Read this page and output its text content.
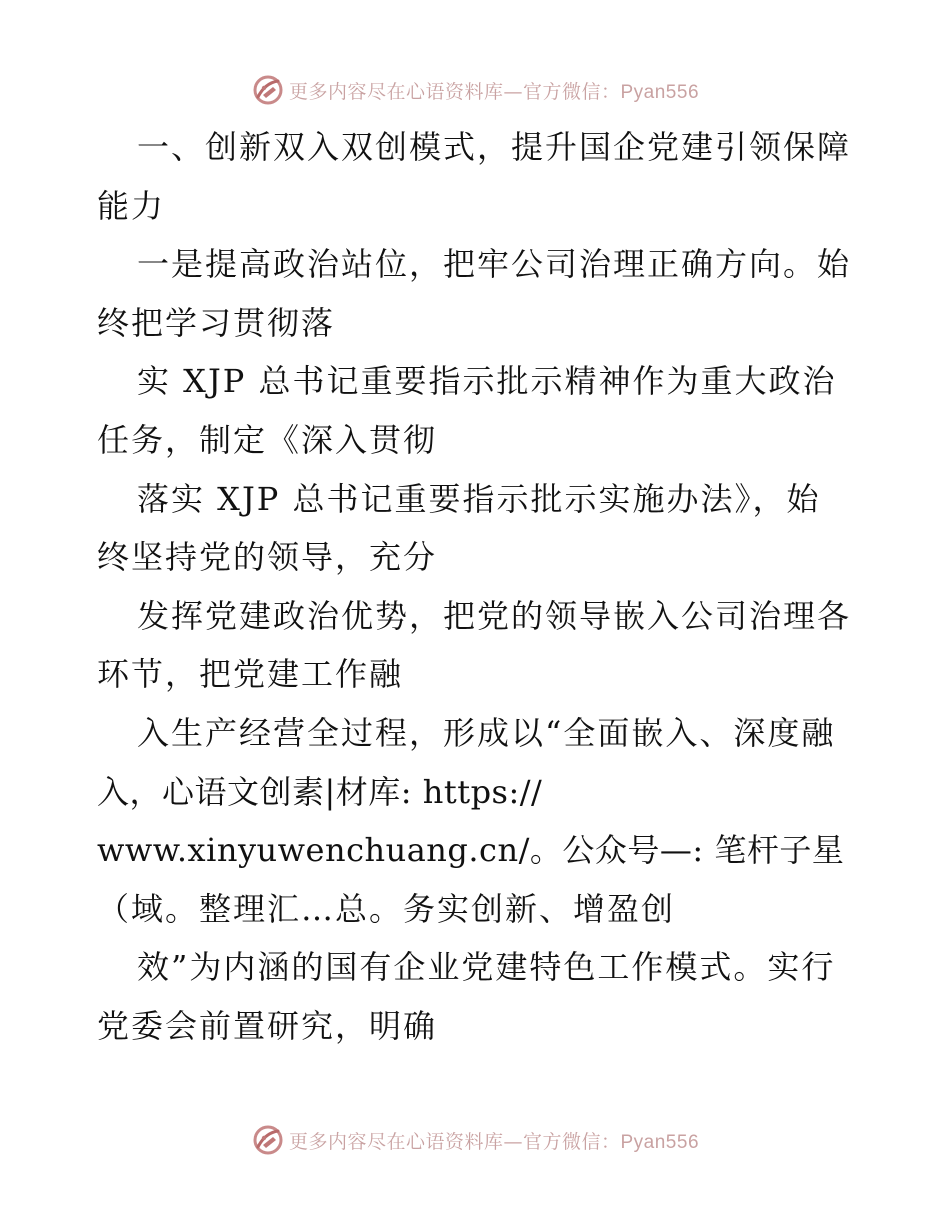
更多内容尽在心语资料库—官方微信：Pyan556
一、创新双入双创模式，提升国企党建引领保障
能力
一是提高政治站位，把牢公司治理正确方向。始
终把学习贯彻落
实 XJP 总书记重要指示批示精神作为重大政治
任务，制定《深入贯彻
落实 XJP 总书记重要指示批示实施办法》，始
终坚持党的领导，充分
发挥党建政治优势，把党的领导嵌入公司治理各
环节，把党建工作融
入生产经营全过程，形成以“全面嵌入、深度融
入，心语文创素|材库: https://
www.xinyuwenchuang.cn/。公众号—: 笔杆子星
（域。整理汇…总。务实创新、增盈创
效”为内涵的国有企业党建特色工作模式。实行
党委会前置研究，明确
更多内容尽在心语资料库—官方微信：Pyan556
